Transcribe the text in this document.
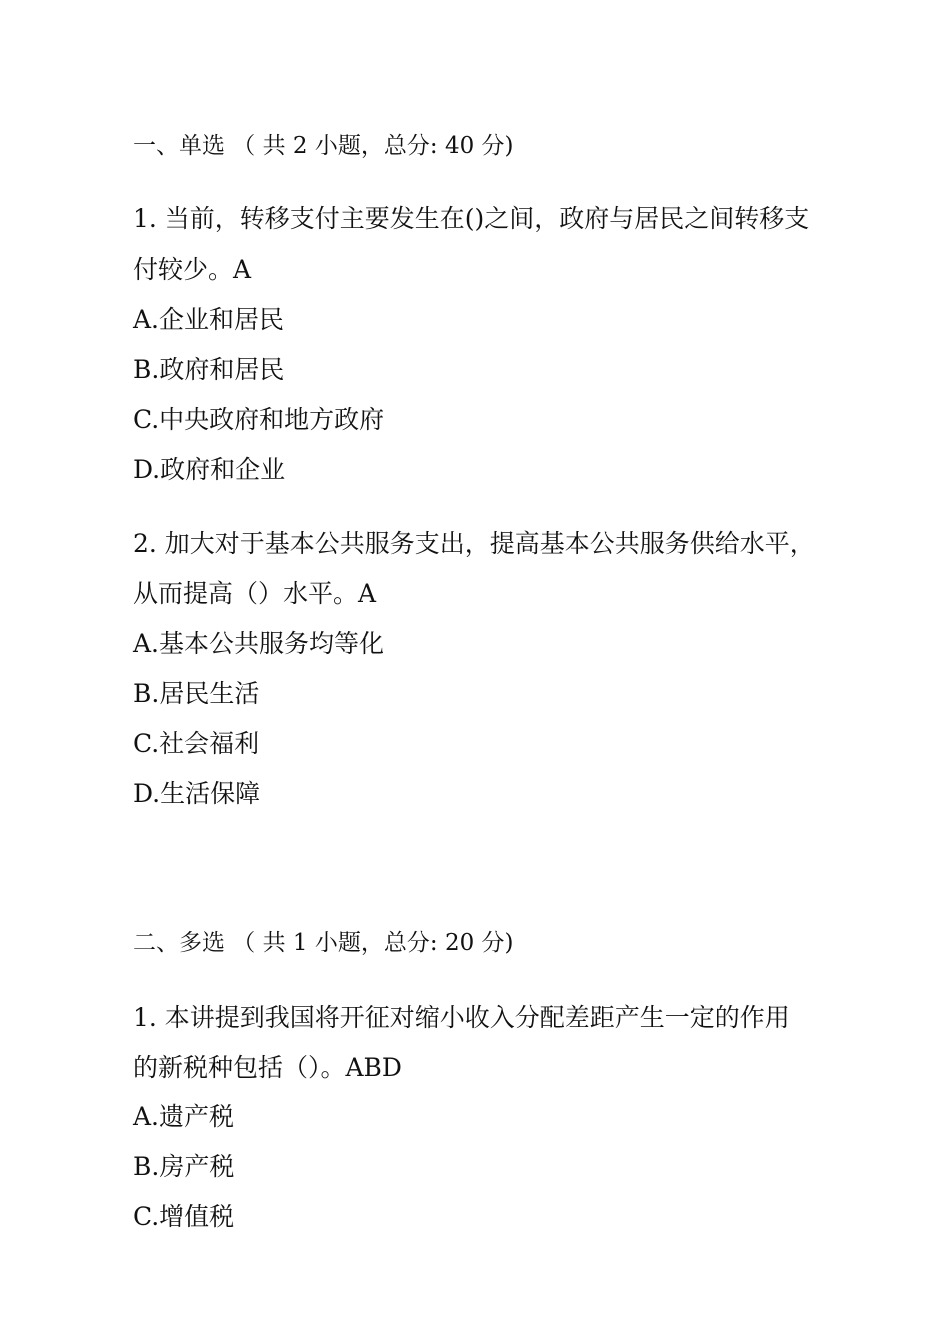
一、单选 （ 共 2 小题，总分: 40 分)
1. 当前，转移支付主要发生在()之间，政府与居民之间转移支
付较少。A
A.企业和居民
B.政府和居民
C.中央政府和地方政府
D.政府和企业
2. 加大对于基本公共服务支出，提高基本公共服务供给水平，
从而提高（）水平。A
A.基本公共服务均等化
B.居民生活
C.社会福利
D.生活保障
二、多选 （ 共 1 小题，总分: 20 分)
1. 本讲提到我国将开征对缩小收入分配差距产生一定的作用
的新税种包括（）。ABD
A.遗产税
B.房产税
C.增值税
